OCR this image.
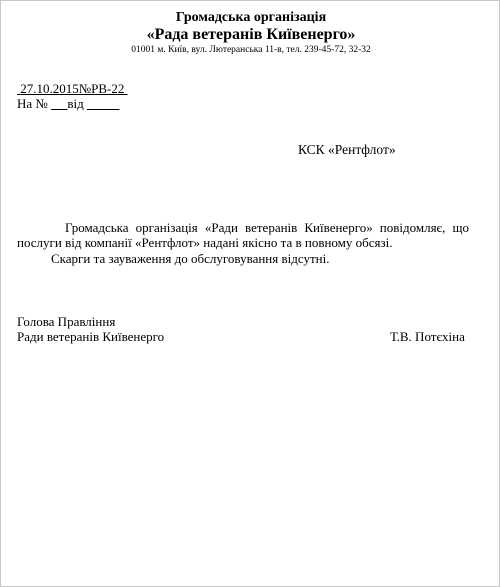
Громадська організація
«Рада ветеранів Київенерго»
01001 м. Київ, вул. Лютеранська 11-в, тел. 239-45-72, 32-32
27.10.2015№РВ-22
На № від
КСК «Рентфлот»
Громадська організація «Ради ветеранів Київенерго» повідомляє, що послуги від компанії «Рентфлот» надані якісно та в повному обсязі.
Скарги та зауваження до обслуговування відсутні.
Голова Правління
Ради ветеранів Київенерго	Т.В. Потєхіна
